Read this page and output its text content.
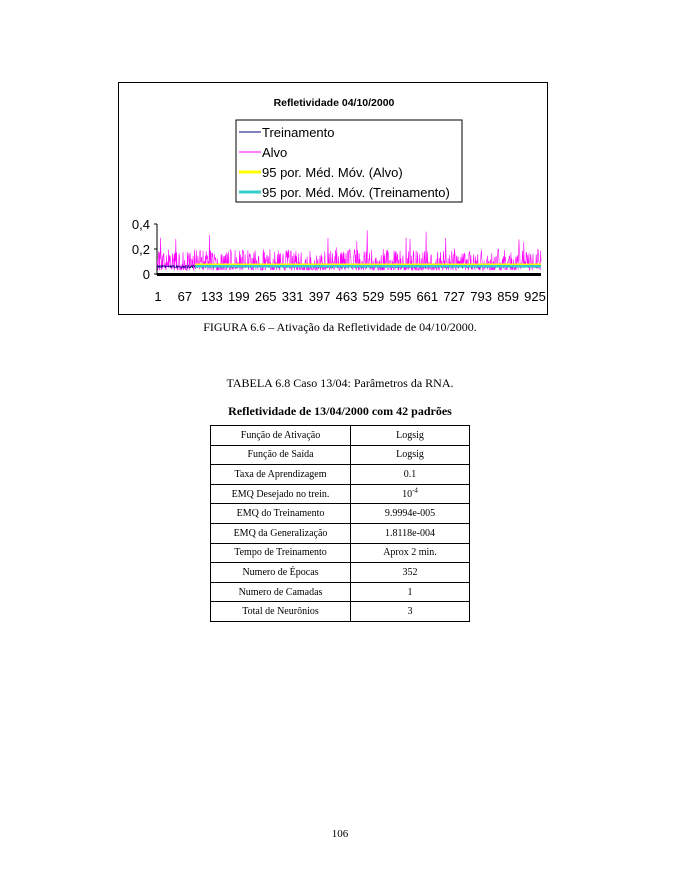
Refletividade 04/10/2000
Treinamento
Alvo
95 por. Méd. Móv. (Alvo)
95 por. Méd. Móv. (Treinamento)
0,4
0,2
0
1 67 133 199 265 331 397 463 529 595 661 727 793 859 925
FIGURA 6.6 – Ativação da Refletividade de 04/10/2000.
TABELA 6.8 Caso 13/04: Parâmetros da RNA.
Refletividade de 13/04/2000 com 42 padrões
Função de Ativação	Logsig
Função de Saída	Logsig
Taxa de Aprendizagem	0.1
EMQ Desejado no trein.	$10^{-4}$
EMQ do Treinamento	9.9994e-005
EMQ da Generalização	1.8118e-004
Tempo de Treinamento	Aprox 2 min.
Numero de Épocas	352
Numero de Camadas	1
Total de Neurônios	3
106
